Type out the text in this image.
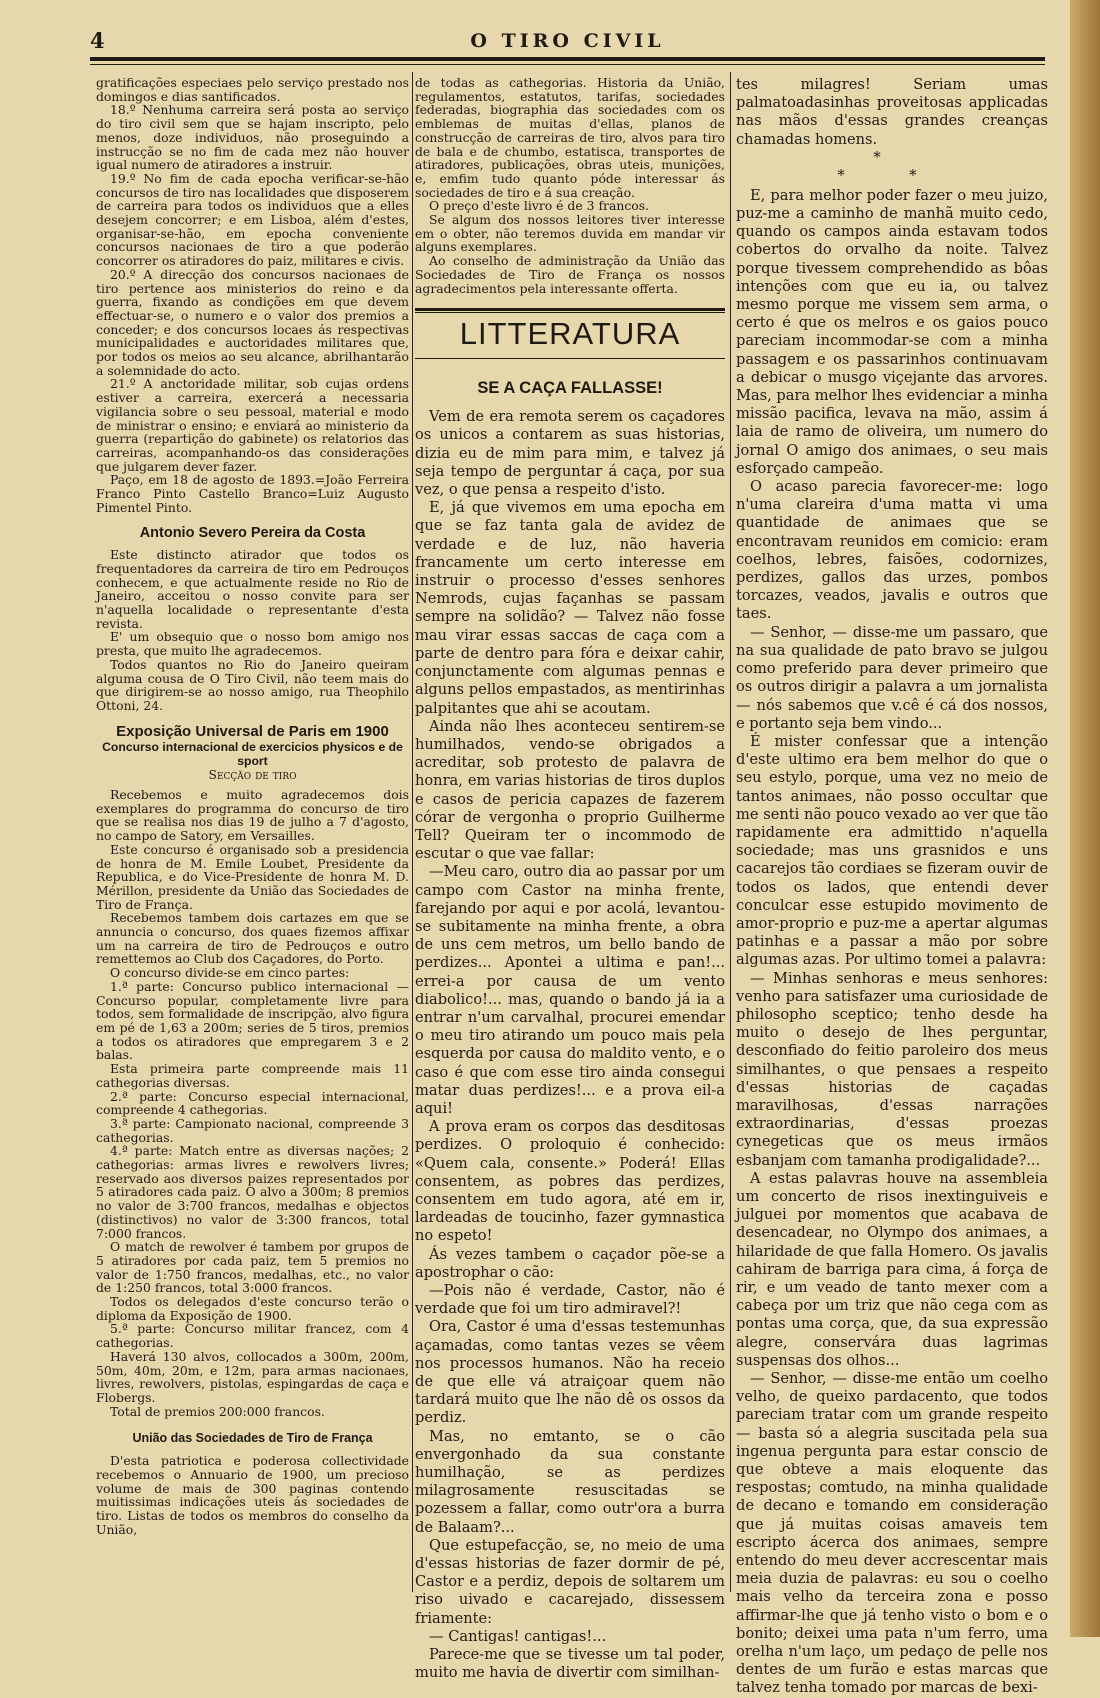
4	O TIRO CIVIL

gratificações especiaes pelo serviço prestado nos domingos e dias santificados.

18.º Nenhuma carreira será posta ao serviço do tiro civil sem que se hajam inscripto, pelo menos, doze individuos, não proseguindo a instrucção se no fim de cada mez não houver igual numero de atiradores a instruir.

19.º No fim de cada epocha verificar-se-hão concursos de tiro nas localidades que disposerem de carreira para todos os individuos que a elles desejem concorrer; e em Lisboa, além d'estes, organisar-se-hão, em epocha conveniente concursos nacionaes de tiro a que poderão concorrer os atiradores do paiz, militares e civis.

20.º A direcção dos concursos nacionaes de tiro pertence aos ministerios do reino e da guerra, fixando as condições em que devem effectuar-se, o numero e o valor dos premios a conceder; e dos concursos locaes ás respectivas municipalidades e auctoridades militares que, por todos os meios ao seu alcance, abrilhantarão a solemnidade do acto.

21.º A anctoridade militar, sob cujas ordens estiver a carreira, exercerá a necessaria vigilancia sobre o seu pessoal, material e modo de ministrar o ensino; e enviará ao ministerio da guerra (repartição do gabinete) os relatorios das carreiras, acompanhando-os das considerações que julgarem dever fazer.

Paço, em 18 de agosto de 1893.=João Ferreira Franco Pinto Castello Branco=Luiz Augusto Pimentel Pinto.

Antonio Severo Pereira da Costa

Este distincto atirador que todos os frequentadores da carreira de tiro em Pedrouços conhecem, e que actualmente reside no Rio de Janeiro, acceitou o nosso convite para ser n'aquella localidade o representante d'esta revista.

E' um obsequio que o nosso bom amigo nos presta, que muito lhe agradecemos.

Todos quantos no Rio do Janeiro queiram alguma cousa de O Tiro Civil, não teem mais do que dirigirem-se ao nosso amigo, rua Theophilo Ottoni, 24.

Exposição Universal de Paris em 1900
Concurso internacional de exercicios physicos e de sport
Secção de tiro

Recebemos e muito agradecemos dois exemplares do programma do concurso de tiro que se realisa nos dias 19 de julho a 7 d'agosto, no campo de Satory, em Versailles.

Este concurso é organisado sob a presidencia de honra de M. Emile Loubet, Presidente da Republica, e do Vice-Presidente de honra M. D. Mérillon, presidente da União das Sociedades de Tiro de França.

Recebemos tambem dois cartazes em que se annuncia o concurso, dos quaes fizemos affixar um na carreira de tiro de Pedrouços e outro remettemos ao Club dos Caçadores, do Porto.

O concurso divide-se em cinco partes:

1.ª parte: Concurso publico internacional — Concurso popular, completamente livre para todos, sem formalidade de inscripção, alvo figura em pé de 1,63 a 200m; series de 5 tiros, premios a todos os atiradores que empregarem 3 e 2 balas.

Esta primeira parte compreende mais 11 cathegorias diversas.

2.ª parte: Concurso especial internacional, compreende 4 cathegorias.

3.ª parte: Campionato nacional, compreende 3 cathegorias.

4.ª parte: Match entre as diversas nações; 2 cathegorias: armas livres e rewolvers livres; reservado aos diversos paizes representados por 5 atiradores cada paiz. O alvo a 300m; 8 premios no valor de 3:700 francos, medalhas e objectos (distinctivos) no valor de 3:300 francos, total 7:000 francos.

O match de rewolver é tambem por grupos de 5 atiradores por cada paiz, tem 5 premios no valor de 1:750 francos, medalhas, etc., no valor de 1:250 francos, total 3:000 francos.

Todos os delegados d'este concurso terão o diploma da Exposição de 1900.

5.ª parte: Concurso militar francez, com 4 cathegorias.

Haverá 130 alvos, collocados a 300m, 200m, 50m, 40m, 20m, e 12m, para armas nacionaes, livres, rewolvers, pistolas, espingardas de caça e Flobergs.

Total de premios 200:000 francos.

União das Sociedades de Tiro de França

D'esta patriotica e poderosa collectividade recebemos o Annuario de 1900, um precioso volume de mais de 300 paginas contendo muitissimas indicações uteis ás sociedades de tiro. Listas de todos os membros do conselho da União,

de todas as cathegorias. Historia da União, regulamentos, estatutos, tarifas, sociedades federadas, biographia das sociedades com os emblemas de muitas d'ellas, planos de construcção de carreiras de tiro, alvos para tiro de bala e de chumbo, estatisca, transportes de atiradores, publicações, obras uteis, munições, e, emfim tudo quanto póde interessar ás sociedades de tiro e á sua creação.

O preço d'este livro é de 3 francos.

Se algum dos nossos leitores tiver interesse em o obter, não teremos duvida em mandar vir alguns exemplares.

Ao conselho de administração da União das Sociedades de Tiro de França os nossos agradecimentos pela interessante offerta.

LITTERATURA
SE A CAÇA FALLASSE!

Vem de era remota serem os caçadores os unicos a contarem as suas historias, dizia eu de mim para mim, e talvez já seja tempo de perguntar á caça, por sua vez, o que pensa a respeito d'isto.

E, já que vivemos em uma epocha em que se faz tanta gala de avidez de verdade e de luz, não haveria francamente um certo interesse em instruir o processo d'esses senhores Nemrods, cujas façanhas se passam sempre na solidão? — Talvez não fosse mau virar essas saccas de caça com a parte de dentro para fóra e deixar cahir, conjunctamente com algumas pennas e alguns pellos empastados, as mentirinhas palpitantes que ahi se acoutam.

Ainda não lhes aconteceu sentirem-se humilhados, vendo-se obrigados a acreditar, sob protesto de palavra de honra, em varias historias de tiros duplos e casos de pericia capazes de fazerem córar de vergonha o proprio Guilherme Tell? Queiram ter o incommodo de escutar o que vae fallar:

—Meu caro, outro dia ao passar por um campo com Castor na minha frente, farejando por aqui e por acolá, levantou-se subitamente na minha frente, a obra de uns cem metros, um bello bando de perdizes... Apontei a ultima e pan!... errei-a por causa de um vento diabolico!... mas, quando o bando já ia a entrar n'um carvalhal, procurei emendar o meu tiro atirando um pouco mais pela esquerda por causa do maldito vento, e o caso é que com esse tiro ainda consegui matar duas perdizes!... e a prova eil-a aqui!

A prova eram os corpos das desditosas perdizes. O proloquio é conhecido: «Quem cala, consente.» Poderá! Ellas consentem, as pobres das perdizes, consentem em tudo agora, até em ir, lardeadas de toucinho, fazer gymnastica no espeto!

Ás vezes tambem o caçador põe-se a apostrophar o cão:

—Pois não é verdade, Castor, não é verdade que foi um tiro admiravel?!

Ora, Castor é uma d'essas testemunhas açamadas, como tantas vezes se vêem nos processos humanos. Não ha receio de que elle vá atraiçoar quem não tardará muito que lhe não dê os ossos da perdiz.

Mas, no emtanto, se o cão envergonhado da sua constante humilhação, se as perdizes milagrosamente resuscitadas se pozessem a fallar, como outr'ora a burra de Balaam?...

Que estupefacção, se, no meio de uma d'essas historias de fazer dormir de pé, Castor e a perdiz, depois de soltarem um riso uivado e cacarejado, dissessem friamente:

— Cantigas! cantigas!...

Parece-me que se tivesse um tal poder, muito me havia de divertir com similhan-

tes milagres! Seriam umas palmatoadasinhas proveitosas applicadas nas mãos d'essas grandes creanças chamadas homens.

*

* *

E, para melhor poder fazer o meu juizo, puz-me a caminho de manhã muito cedo, quando os campos ainda estavam todos cobertos do orvalho da noite. Talvez porque tivessem comprehendido as bôas intenções com que eu ia, ou talvez mesmo porque me vissem sem arma, o certo é que os melros e os gaios pouco pareciam incommodar-se com a minha passagem e os passarinhos continuavam a debicar o musgo viçejante das arvores. Mas, para melhor lhes evidenciar a minha missão pacifica, levava na mão, assim á laia de ramo de oliveira, um numero do jornal O amigo dos animaes, o seu mais esforçado campeão.

O acaso parecia favorecer-me: logo n'uma clareira d'uma matta vi uma quantidade de animaes que se encontravam reunidos em comicio: eram coelhos, lebres, faisões, codornizes, perdizes, gallos das urzes, pombos torcazes, veados, javalis e outros que taes.

— Senhor, — disse-me um passaro, que na sua qualidade de pato bravo se julgou como preferido para dever primeiro que os outros dirigir a palavra a um jornalista — nós sabemos que v.cê é cá dos nossos, e portanto seja bem vindo...

É mister confessar que a intenção d'este ultimo era bem melhor do que o seu estylo, porque, uma vez no meio de tantos animaes, não posso occultar que me senti não pouco vexado ao ver que tão rapidamente era admittido n'aquella sociedade; mas uns grasnidos e uns cacarejos tão cordiaes se fizeram ouvir de todos os lados, que entendi dever conculcar esse estupido movimento de amor-proprio e puz-me a apertar algumas patinhas e a passar a mão por sobre algumas azas. Por ultimo tomei a palavra:

— Minhas senhoras e meus senhores: venho para satisfazer uma curiosidade de philosopho sceptico; tenho desde ha muito o desejo de lhes perguntar, desconfiado do feitio paroleiro dos meus similhantes, o que pensaes a respeito d'essas historias de caçadas maravilhosas, d'essas narrações extraordinarias, d'essas proezas cynegeticas que os meus irmãos esbanjam com tamanha prodigalidade?...

A estas palavras houve na assembleia um concerto de risos inextinguiveis e julguei por momentos que acabava de desencadear, no Olympo dos animaes, a hilaridade de que falla Homero. Os javalis cahiram de barriga para cima, á força de rir, e um veado de tanto mexer com a cabeça por um triz que não cega com as pontas uma corça, que, da sua expressão alegre, conservára duas lagrimas suspensas dos olhos...

— Senhor, — disse-me então um coelho velho, de queixo pardacento, que todos pareciam tratar com um grande respeito — basta só a alegria suscitada pela sua ingenua pergunta para estar conscio de que obteve a mais eloquente das respostas; comtudo, na minha qualidade de decano e tomando em consideração que já muitas coisas amaveis tem escripto ácerca dos animaes, sempre entendo do meu dever accrescentar mais meia duzia de palavras: eu sou o coelho mais velho da terceira zona e posso affirmar-lhe que já tenho visto o bom e o bonito; deixei uma pata n'um ferro, uma orelha n'um laço, um pedaço de pelle nos dentes de um furão e estas marcas que talvez tenha tomado por marcas de bexi-
